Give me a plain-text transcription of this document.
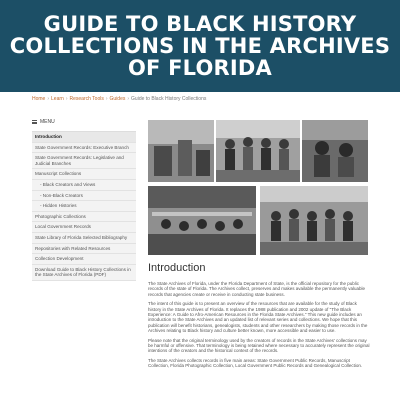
GUIDE TO BLACK HISTORY COLLECTIONS IN THE ARCHIVES OF FLORIDA
Home › Learn › Research Tools › Guides › Guide to Black History Collections
MENU
Introduction
State Government Records: Executive Branch
State Government Records: Legislative and Judicial Branches
Manuscript Collections
- Black Creators and Views
- Non-Black Creators
- Hidden Histories
Photographic Collections
Local Government Records
State Library of Florida Selected Bibliography
Repositories with Related Resources
Collection Development
Download Guide to Black History Collections in the State Archives of Florida (PDF)
Introduction

The State Archives of Florida, under the Florida Department of State, is the official repository for the public records of the state of Florida. The Archives collect, preserves and makes available the permanently valuable records that agencies create or receive in conducting state business.

The intent of this guide is to present an overview of the resources that are available for the study of Black history in the State Archives of Florida. It replaces the 1988 publication and 2002 update of "The Black Experience: A Guide to Afro-American Resources in the Florida State Archives." This new guide includes an introduction to the State Archives and an updated list of relevant series and collections. We hope that this publication will benefit historians, genealogists, students and other researchers by making those records in the Archives relating to Black history and culture better known, more accessible and easier to use.

Please note that the original terminology used by the creators of records in the State Archives' collections may be harmful or offensive. That terminology is being retained where necessary to accurately represent the original intentions of the creators and the historical context of the records.

The State Archives collects records in five main areas: State Government Public Records, Manuscript Collection, Florida Photographic Collection, Local Government Public Records and Genealogical Collection.
